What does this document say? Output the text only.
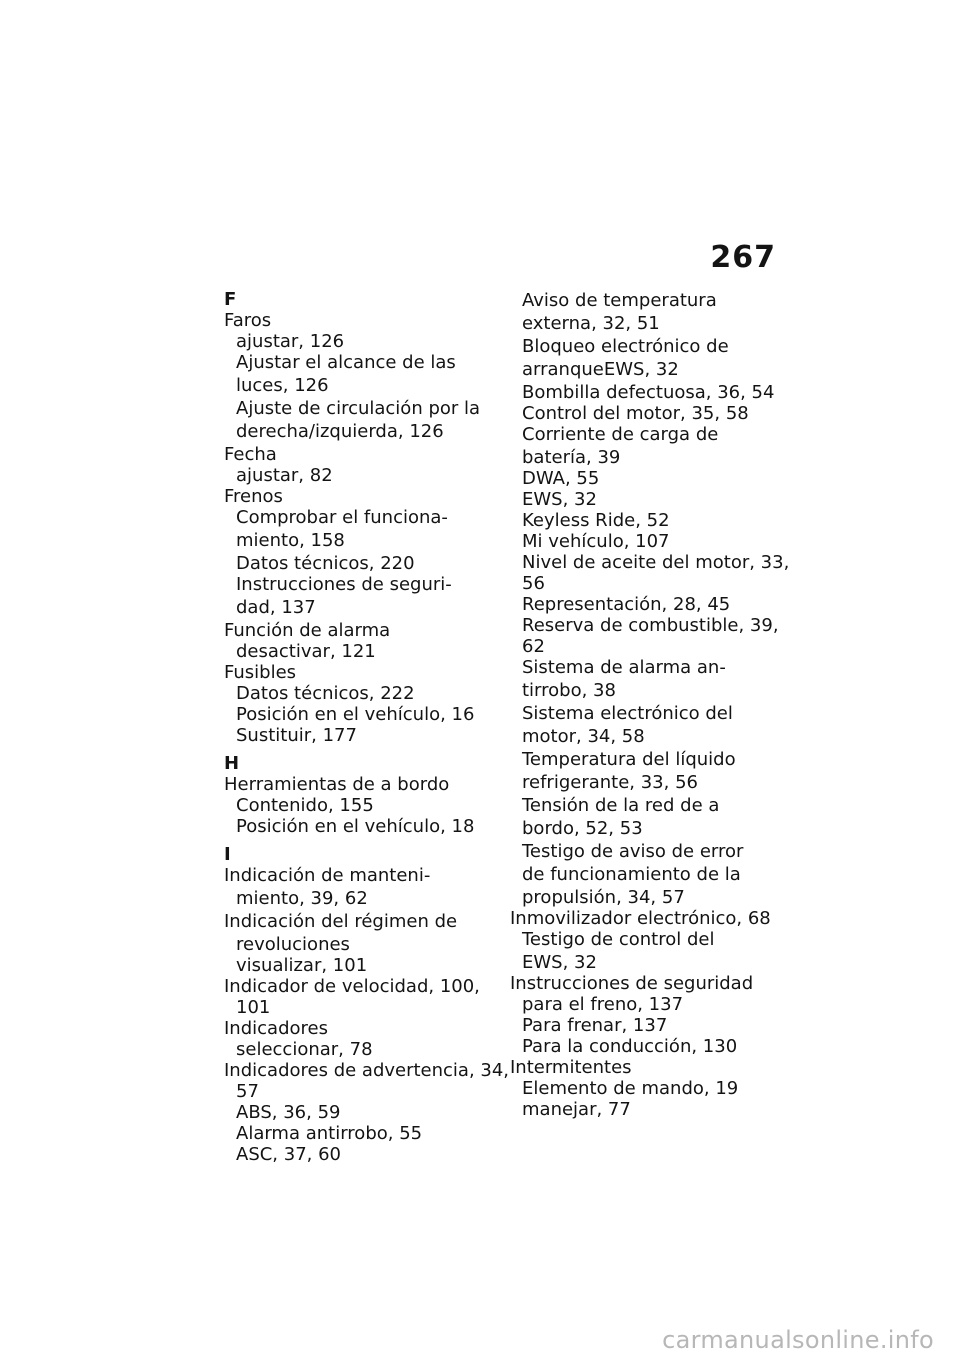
267
F
Faros
ajustar, 126
Ajustar el alcance de las
luces, 126
Ajuste de circulación por la
derecha/izquierda, 126
Fecha
ajustar, 82
Frenos
Comprobar el funciona-
miento, 158
Datos técnicos, 220
Instrucciones de seguri-
dad, 137
Función de alarma
desactivar, 121
Fusibles
Datos técnicos, 222
Posición en el vehículo, 16
Sustituir, 177
H
Herramientas de a bordo
Contenido, 155
Posición en el vehículo, 18
I
Indicación de manteni-
miento, 39, 62
Indicación del régimen de
revoluciones
visualizar, 101
Indicador de velocidad, 100,
101
Indicadores
seleccionar, 78
Indicadores de advertencia, 34,
57
ABS, 36, 59
Alarma antirrobo, 55
ASC, 37, 60
Aviso de temperatura
externa, 32, 51
Bloqueo electrónico de
arranqueEWS, 32
Bombilla defectuosa, 36, 54
Control del motor, 35, 58
Corriente de carga de
batería, 39
DWA, 55
EWS, 32
Keyless Ride, 52
Mi vehículo, 107
Nivel de aceite del motor, 33,
56
Representación, 28, 45
Reserva de combustible, 39,
62
Sistema de alarma an-
tirrobo, 38
Sistema electrónico del
motor, 34, 58
Temperatura del líquido
refrigerante, 33, 56
Tensión de la red de a
bordo, 52, 53
Testigo de aviso de error
de funcionamiento de la
propulsión, 34, 57
Inmovilizador electrónico, 68
Testigo de control del
EWS, 32
Instrucciones de seguridad
para el freno, 137
Para frenar, 137
Para la conducción, 130
Intermitentes
Elemento de mando, 19
manejar, 77
carmanualsonline.info
